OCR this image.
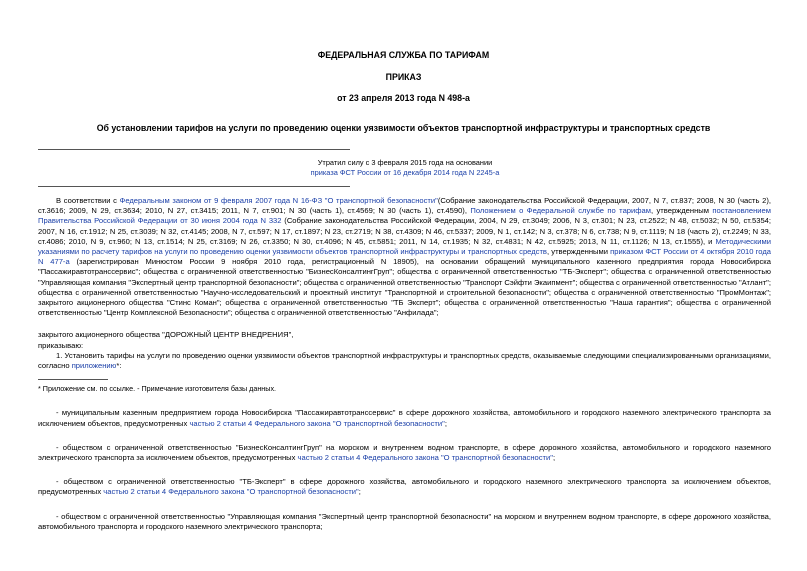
ФЕДЕРАЛЬНАЯ СЛУЖБА ПО ТАРИФАМ
ПРИКАЗ
от 23 апреля 2013 года N 498-а
Об установлении тарифов на услуги по проведению оценки уязвимости объектов транспортной инфраструктуры и транспортных средств
Утратил силу с 3 февраля 2015 года на основании
приказа ФСТ России от 16 декабря 2014 года N 2245-а

В соответствии с Федеральным законом от 9 февраля 2007 года N 16-ФЗ "О транспортной безопасности"(Собрание законодательства Российской Федерации, 2007, N 7, ст.837; 2008, N 30 (часть 2), ст.3616; 2009, N 29, ст.3634; 2010, N 27, ст.3415; 2011, N 7, ст.901; N 30 (часть 1), ст.4569; N 30 (часть 1), ст.4590), Положением о Федеральной службе по тарифам, утвержденным постановлением Правительства Российской Федерации от 30 июня 2004 года N 332 (Собрание законодательства Российской Федерации, 2004, N 29, ст.3049; 2006, N 3, ст.301; N 23, ст.2522; N 48, ст.5032; N 50, ст.5354; 2007, N 16, ст.1912; N 25, ст.3039; N 32, ст.4145; 2008, N 7, ст.597; N 17, ст.1897; N 23, ст.2719; N 38, ст.4309; N 46, ст.5337; 2009, N 1, ст.142; N 3, ст.378; N 6, ст.738; N 9, ст.1119; N 18 (часть 2), ст.2249; N 33, ст.4086; 2010, N 9, ст.960; N 13, ст.1514; N 25, ст.3169; N 26, ст.3350; N 30, ст.4096; N 45, ст.5851; 2011, N 14, ст.1935; N 32, ст.4831; N 42, ст.5925; 2013, N 11, ст.1126; N 13, ст.1555), и Методическими указаниями по расчету тарифов на услуги по проведению оценки уязвимости объектов транспортной инфраструктуры и транспортных средств, утвержденными приказом ФСТ России от 4 октября 2010 года N 477-а (зарегистрирован Минюстом России 9 ноября 2010 года, регистрационный N 18905), на основании обращений муниципального казенного предприятия города Новосибирска "Пассажиравтотранссервис"; общества с ограниченной ответственностью "БизнесКонсалтингГруп"; общества с ограниченной ответственностью "ТБ-Эксперт"; общества с ограниченной ответственностью "Управляющая компания "Экспертный центр транспортной безопасности"; общества с ограниченной ответственностью "Транспорт Сэйфти Экаипмент"; общества с ограниченной ответственностью "Атлант"; общества с ограниченной ответственностью "Научно-исследовательский и проектный институт "Транспортной и строительной безопасности"; общества с ограниченной ответственностью "ПромМонтаж"; закрытого акционерного общества "Стинс Коман"; общества с ограниченной ответственностью "ТБ Эксперт"; общества с ограниченной ответственностью "Наша гарантия"; общества с ограниченной ответственностью "Центр Комплексной Безопасности"; общества с ограниченной ответственностью "Анфилада";

закрытого акционерного общества "ДОРОЖНЫЙ ЦЕНТР ВНЕДРЕНИЯ",

приказываю:

1. Установить тарифы на услуги по проведению оценки уязвимости объектов транспортной инфраструктуры и транспортных средств, оказываемые следующими специализированными организациями, согласно приложению*:

* Приложение см. по ссылке. - Примечание изготовителя базы данных.

- муниципальным казенным предприятием города Новосибирска "Пассажиравтотранссервис" в сфере дорожного хозяйства, автомобильного и городского наземного электрического транспорта за исключением объектов, предусмотренных частью 2 статьи 4 Федерального закона "О транспортной безопасности";

- обществом с ограниченной ответственностью "БизнесКонсалтингГруп" на морском и внутреннем водном транспорте, в сфере дорожного хозяйства, автомобильного и городского наземного электрического транспорта за исключением объектов, предусмотренных частью 2 статьи 4 Федерального закона "О транспортной безопасности";

- обществом с ограниченной ответственностью "ТБ-Эксперт" в сфере дорожного хозяйства, автомобильного и городского наземного электрического транспорта за исключением объектов, предусмотренных частью 2 статьи 4 Федерального закона "О транспортной безопасности";

- обществом с ограниченной ответственностью "Управляющая компания "Экспертный центр транспортной безопасности" на морском и внутреннем водном транспорте, в сфере дорожного хозяйства, автомобильного транспорта и городского наземного электрического транспорта;
